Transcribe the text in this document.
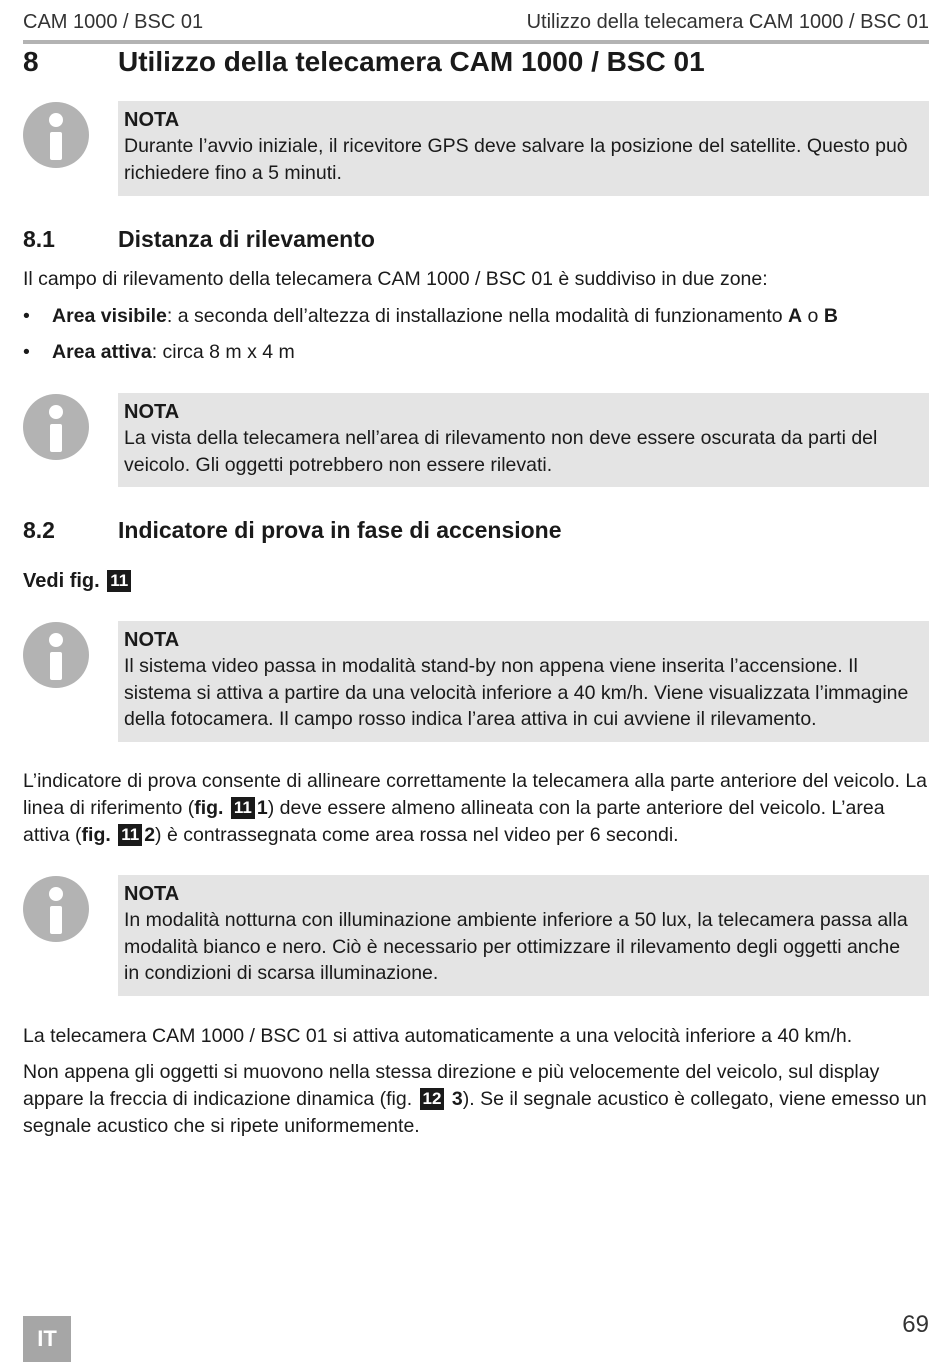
CAM 1000 / BSC 01	Utilizzo della telecamera CAM 1000 / BSC 01
8	Utilizzo della telecamera CAM 1000 / BSC 01
NOTA
Durante l’avvio iniziale, il ricevitore GPS deve salvare la posizione del satellite. Questo può richiedere fino a 5 minuti.
8.1	Distanza di rilevamento

Il campo di rilevamento della telecamera CAM 1000 / BSC 01 è suddiviso in due zone:

• Area visibile: a seconda dell’altezza di installazione nella modalità di funzionamento A o B
• Area attiva: circa 8 m x 4 m
NOTA
La vista della telecamera nell’area di rilevamento non deve essere oscurata da parti del veicolo. Gli oggetti potrebbero non essere rilevati.
8.2	Indicatore di prova in fase di accensione
Vedi fig. 11
NOTA
Il sistema video passa in modalità stand-by non appena viene inserita l’accensione. Il sistema si attiva a partire da una velocità inferiore a 40 km/h. Viene visualizzata l’immagine della fotocamera. Il campo rosso indica l’area attiva in cui avviene il rilevamento.

L’indicatore di prova consente di allineare correttamente la telecamera alla parte anteriore del veicolo. La linea di riferimento (fig. 11 1) deve essere almeno allineata con la parte anteriore del veicolo. L’area attiva (fig. 11 2) è contrassegnata come area rossa nel video per 6 secondi.

NOTA
In modalità notturna con illuminazione ambiente inferiore a 50 lux, la telecamera passa alla modalità bianco e nero. Ciò è necessario per ottimizzare il rilevamento degli oggetti anche in condizioni di scarsa illuminazione.

La telecamera CAM 1000 / BSC 01 si attiva automaticamente a una velocità inferiore a 40 km/h.

Non appena gli oggetti si muovono nella stessa direzione e più velocemente del veicolo, sul display appare la freccia di indicazione dinamica (fig. 12 3). Se il segnale acustico è collegato, viene emesso un segnale acustico che si ripete uniformemente.

IT
69
